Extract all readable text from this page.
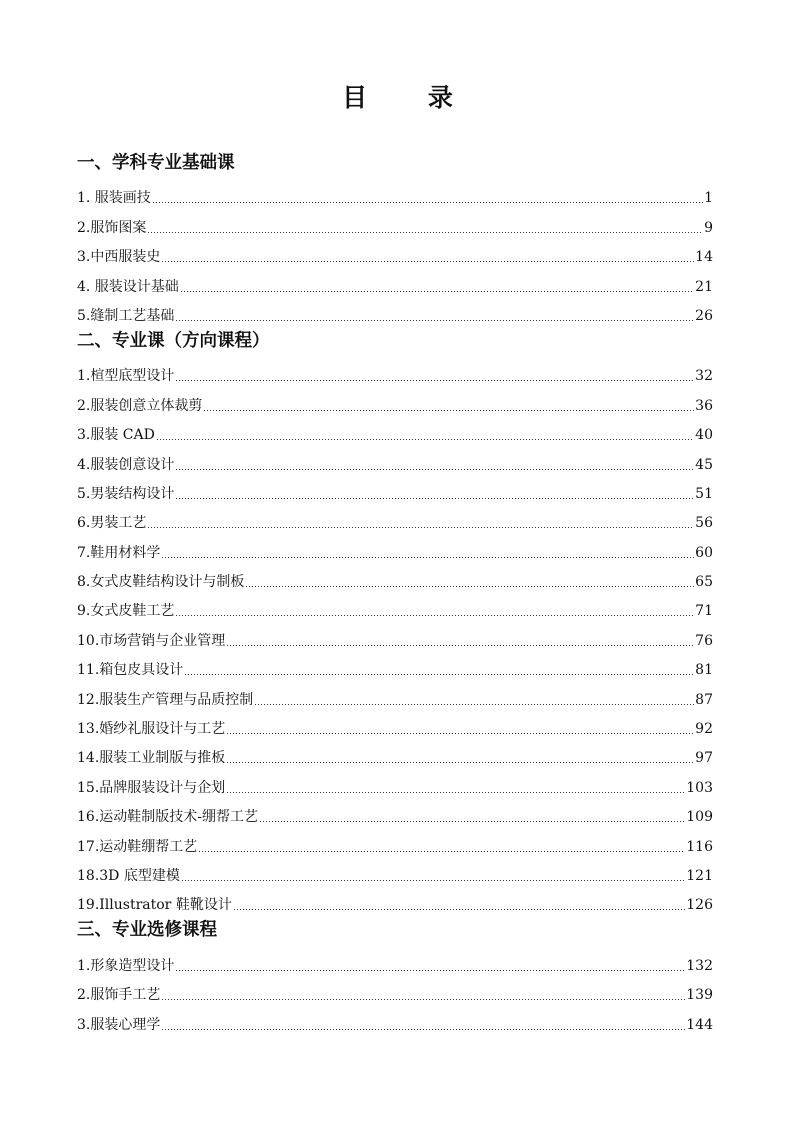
目 录
一、学科专业基础课
1. 服装画技	1
2.服饰图案	9
3.中西服装史	14
4. 服装设计基础	21
5.缝制工艺基础	26
二、专业课（方向课程）
1.楦型底型设计	32
2.服装创意立体裁剪	36
3.服装 CAD	40
4.服装创意设计	45
5.男装结构设计	51
6.男装工艺	56
7.鞋用材料学	60
8.女式皮鞋结构设计与制板	65
9.女式皮鞋工艺	71
10.市场营销与企业管理	76
11.箱包皮具设计	81
12.服装生产管理与品质控制	87
13.婚纱礼服设计与工艺	92
14.服装工业制版与推板	97
15.品牌服装设计与企划	103
16.运动鞋制版技术-绷帮工艺	109
17.运动鞋绷帮工艺	116
18.3D 底型建模	121
19.Illustrator 鞋靴设计	126
三、专业选修课程
1.形象造型设计	132
2.服饰手工艺	139
3.服装心理学	144
